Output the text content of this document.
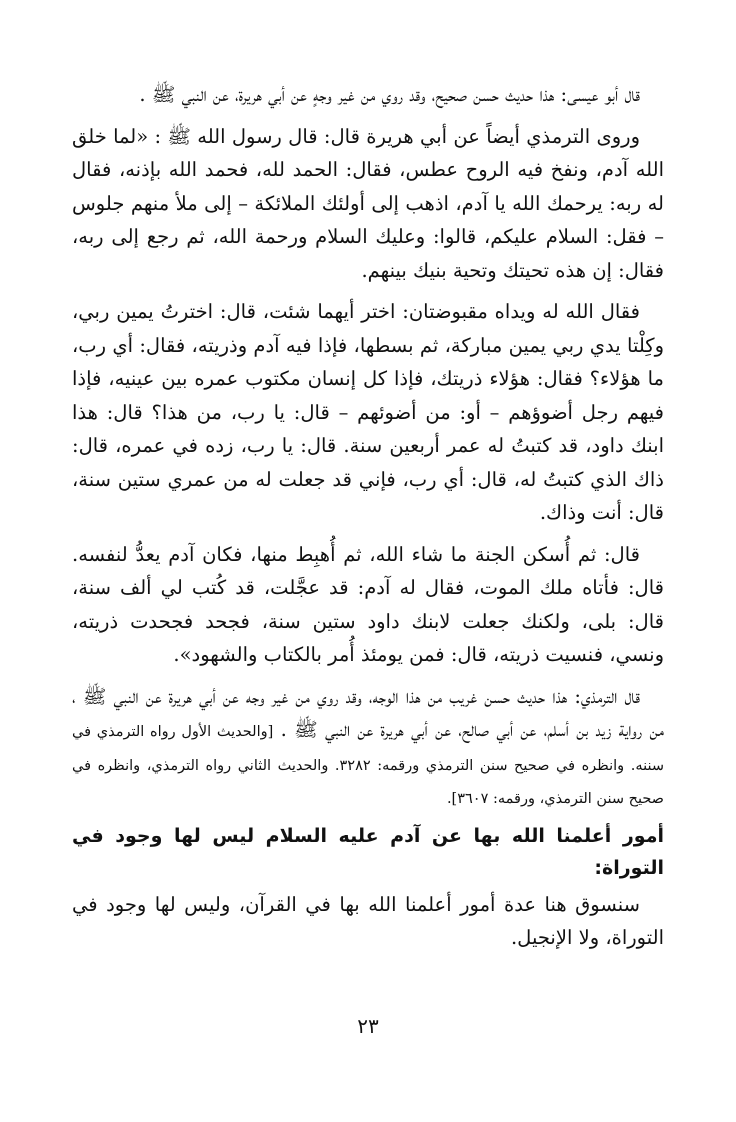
قال أبو عيسى: هذا حديث حسن صحيح، وقد روي من غير وجهٍ عن أبي هريرة، عن النبي ﷺ .

وروى الترمذي أيضاً عن أبي هريرة قال: قال رسول الله ﷺ : «لما خلق الله آدم، ونفخ فيه الروح عطس، فقال: الحمد لله، فحمد الله بإذنه، فقال له ربه: يرحمك الله يا آدم، اذهب إلى أولئك الملائكة – إلى ملأ منهم جلوس – فقل: السلام عليكم، قالوا: وعليك السلام ورحمة الله، ثم رجع إلى ربه، فقال: إن هذه تحيتك وتحية بنيك بينهم.

فقال الله له ويداه مقبوضتان: اختر أيهما شئت، قال: اخترتُ يمين ربي، وكِلْتا يدي ربي يمين مباركة، ثم بسطها، فإذا فيه آدم وذريته، فقال: أي رب، ما هؤلاء؟ فقال: هؤلاء ذريتك، فإذا كل إنسان مكتوب عمره بين عينيه، فإذا فيهم رجل أضوؤهم – أو: من أضوئهم – قال: يا رب، من هذا؟ قال: هذا ابنك داود، قد كتبتُ له عمر أربعين سنة. قال: يا رب، زده في عمره، قال: ذاك الذي كتبتُ له، قال: أي رب، فإني قد جعلت له من عمري ستين سنة، قال: أنت وذاك.

قال: ثم أُسكن الجنة ما شاء الله، ثم أُهبِط منها، فكان آدم يعدُّ لنفسه. قال: فأتاه ملك الموت، فقال له آدم: قد عجَّلت، قد كُتب لي ألف سنة، قال: بلى، ولكنك جعلت لابنك داود ستين سنة، فجحد فجحدت ذريته، ونسي، فنسيت ذريته، قال: فمن يومئذ أُمر بالكتاب والشهود».

قال الترمذي: هذا حديث حسن غريب من هذا الوجه، وقد روي من غير وجه عن أبي هريرة عن النبي ﷺ ، من رواية زيد بن أسلم، عن أبي صالح، عن أبي هريرة عن النبي ﷺ . [والحديث الأول رواه الترمذي في سننه. وانظره في صحيح سنن الترمذي ورقمه: ٣٢٨٢. والحديث الثاني رواه الترمذي، وانظره في صحيح سنن الترمذي، ورقمه: ٣٦٠٧].

أمور أعلمنا الله بها عن آدم عليه السلام ليس لها وجود في التوراة:

سنسوق هنا عدة أمور أعلمنا الله بها في القرآن، وليس لها وجود في التوراة، ولا الإنجيل.

٢٣
